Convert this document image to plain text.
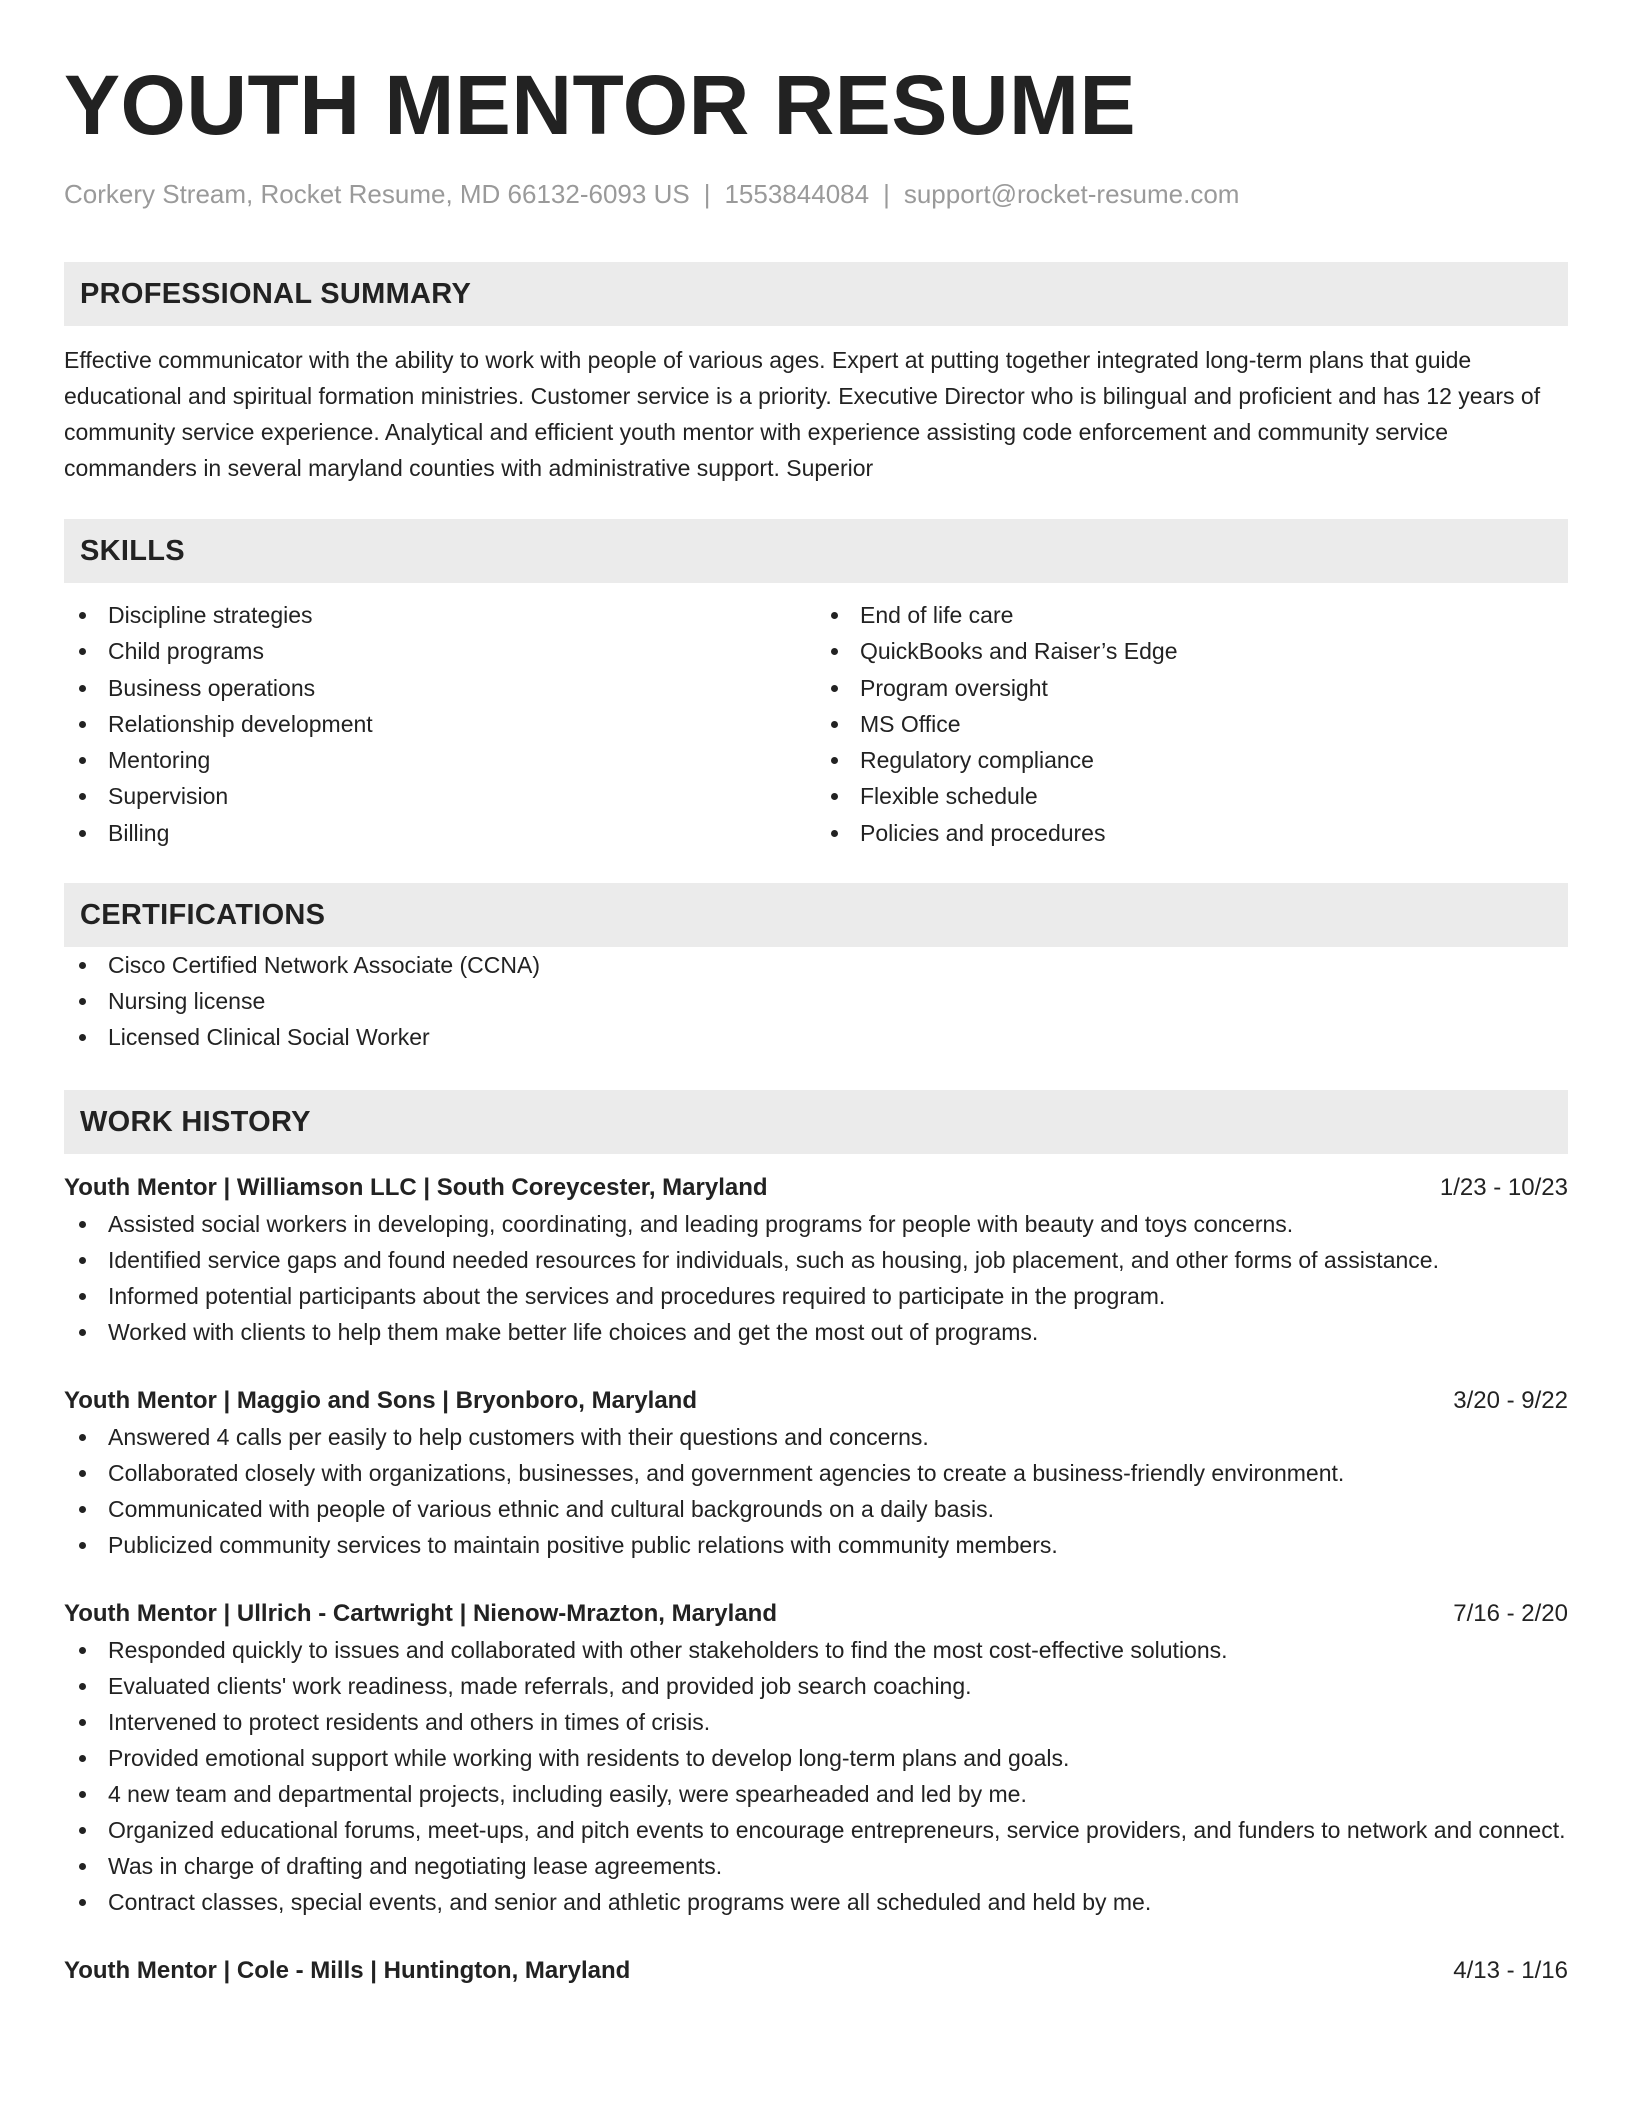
YOUTH MENTOR RESUME
Corkery Stream, Rocket Resume, MD 66132-6093 US | 1553844084 | support@rocket-resume.com
PROFESSIONAL SUMMARY

Effective communicator with the ability to work with people of various ages. Expert at putting together integrated long-term plans that guide educational and spiritual formation ministries. Customer service is a priority. Executive Director who is bilingual and proficient and has 12 years of community service experience. Analytical and efficient youth mentor with experience assisting code enforcement and community service commanders in several maryland counties with administrative support. Superior

SKILLS
Discipline strategies
Child programs
Business operations
Relationship development
Mentoring
Supervision
Billing
End of life care
QuickBooks and Raiser’s Edge
Program oversight
MS Office
Regulatory compliance
Flexible schedule
Policies and procedures
CERTIFICATIONS
Cisco Certified Network Associate (CCNA)
Nursing license
Licensed Clinical Social Worker
WORK HISTORY
Youth Mentor | Williamson LLC | South Coreycester, Maryland	1/23 - 10/23
Assisted social workers in developing, coordinating, and leading programs for people with beauty and toys concerns.
Identified service gaps and found needed resources for individuals, such as housing, job placement, and other forms of assistance.
Informed potential participants about the services and procedures required to participate in the program.
Worked with clients to help them make better life choices and get the most out of programs.
Youth Mentor | Maggio and Sons | Bryonboro, Maryland	3/20 - 9/22
Answered 4 calls per easily to help customers with their questions and concerns.
Collaborated closely with organizations, businesses, and government agencies to create a business-friendly environment.
Communicated with people of various ethnic and cultural backgrounds on a daily basis.
Publicized community services to maintain positive public relations with community members.
Youth Mentor | Ullrich - Cartwright | Nienow-Mrazton, Maryland	7/16 - 2/20
Responded quickly to issues and collaborated with other stakeholders to find the most cost-effective solutions.
Evaluated clients' work readiness, made referrals, and provided job search coaching.
Intervened to protect residents and others in times of crisis.
Provided emotional support while working with residents to develop long-term plans and goals.
4 new team and departmental projects, including easily, were spearheaded and led by me.
Organized educational forums, meet-ups, and pitch events to encourage entrepreneurs, service providers, and funders to network and connect.
Was in charge of drafting and negotiating lease agreements.
Contract classes, special events, and senior and athletic programs were all scheduled and held by me.
Youth Mentor | Cole - Mills | Huntington, Maryland	4/13 - 1/16
